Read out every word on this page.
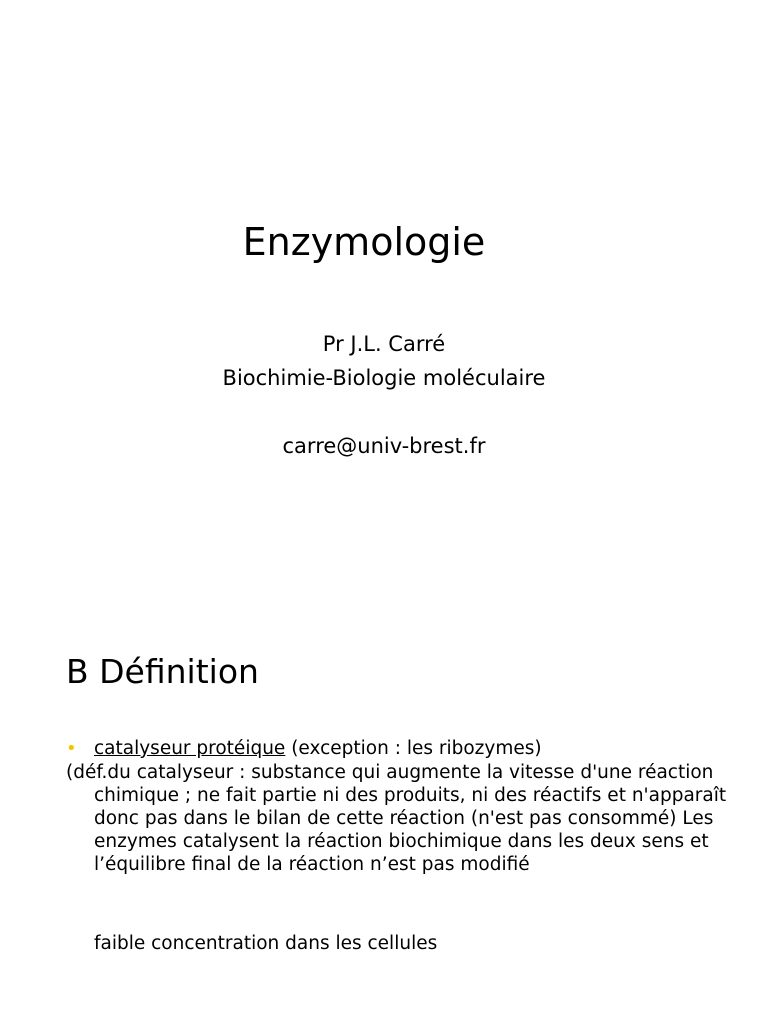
Enzymologie
Pr J.L. Carré
Biochimie-Biologie moléculaire
carre@univ-brest.fr
B Définition
• catalyseur protéique (exception : les ribozymes)
(déf.du catalyseur : substance qui augmente la vitesse d'une réaction chimique ; ne fait partie ni des produits, ni des réactifs et n'apparaît donc pas dans le bilan de cette réaction (n'est pas consommé) Les enzymes catalysent la réaction biochimique dans les deux sens et l’équilibre final de la réaction n’est pas modifié
faible concentration dans les cellules
